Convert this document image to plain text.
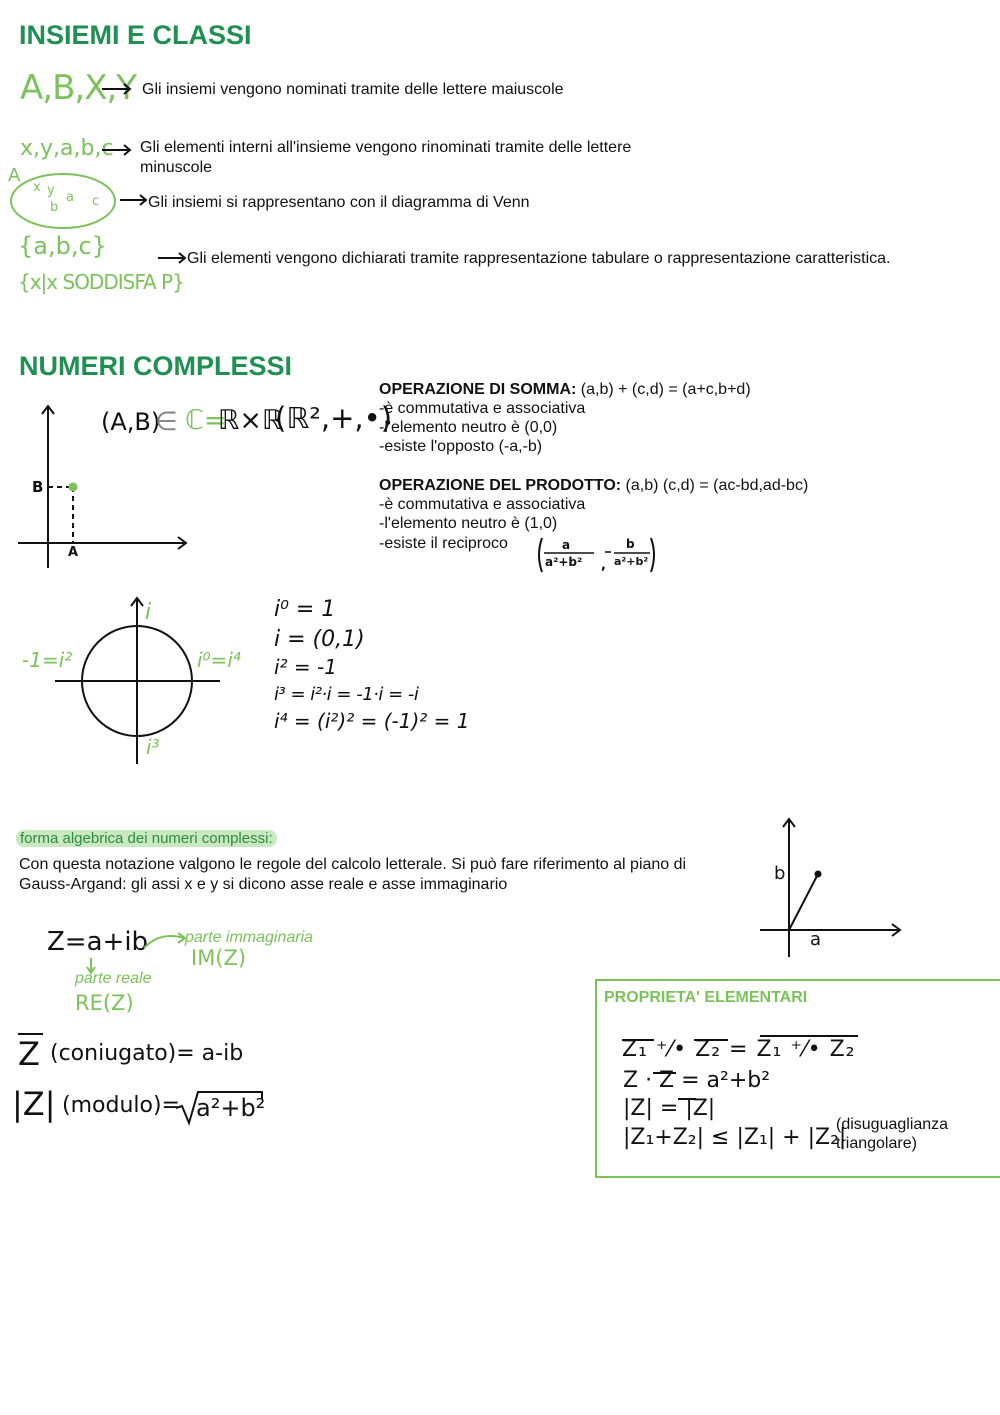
INSIEMI E CLASSI
A,B,X,Y Gli insiemi vengono nominati tramite delle lettere maiuscole
x,y,a,b,c Gli elementi interni all'insieme vengono rinominati tramite delle lettere
minuscole
A
x y a
b	c	Gli insiemi si rappresentano con il diagramma di Venn
{a,b,c}
{x|x SODDISFA P}
Gli elementi vengono dichiarati tramite rappresentazione tabulare o rappresentazione caratteristica.
NUMERI COMPLESSI
B
A
(A,B)
∈ ℂ=
ℝ×ℝ
(ℝ²,+,•)
OPERAZIONE DI SOMMA: (a,b) + (c,d) = (a+c,b+d)
-è commutativa e associativa
-l'elemento neutro è (0,0)
-esiste l'opposto (-a,-b)
OPERAZIONE DEL PRODOTTO: (a,b) (c,d) = (ac-bd,ad-bc)
-è commutativa e associativa
-l'elemento neutro è (1,0)
-esiste il reciproco	a
a²+b² ,
b
a²+b²
i
-1=i²	i⁰=i⁴
i³
i⁰ = 1
i = (0,1)
i² = -1
i³ = i²·i = -1·i = -i
i⁴ = (i²)² = (-1)² = 1
forma algebrica dei numeri complessi:
Con questa notazione valgono le regole del calcolo letterale. Si può fare riferimento al piano di
Gauss-Argand: gli assi x e y si dicono asse reale e asse immaginario
b
a
Z=a+ib parte immaginaria
IM(Z)
parte reale
RE(Z)
Z (coniugato)= a-ib
|Z| (modulo)= a²+b²
PROPRIETA' ELEMENTARI
Z₁ ⁺⁄• Z₂ = Z₁ ⁺⁄• Z₂
Z · Z = a²+b²
|Z| = |Z|
|Z₁+Z₂| ≤ |Z₁| + |Z₂|
(disuguaglianza
triangolare)
